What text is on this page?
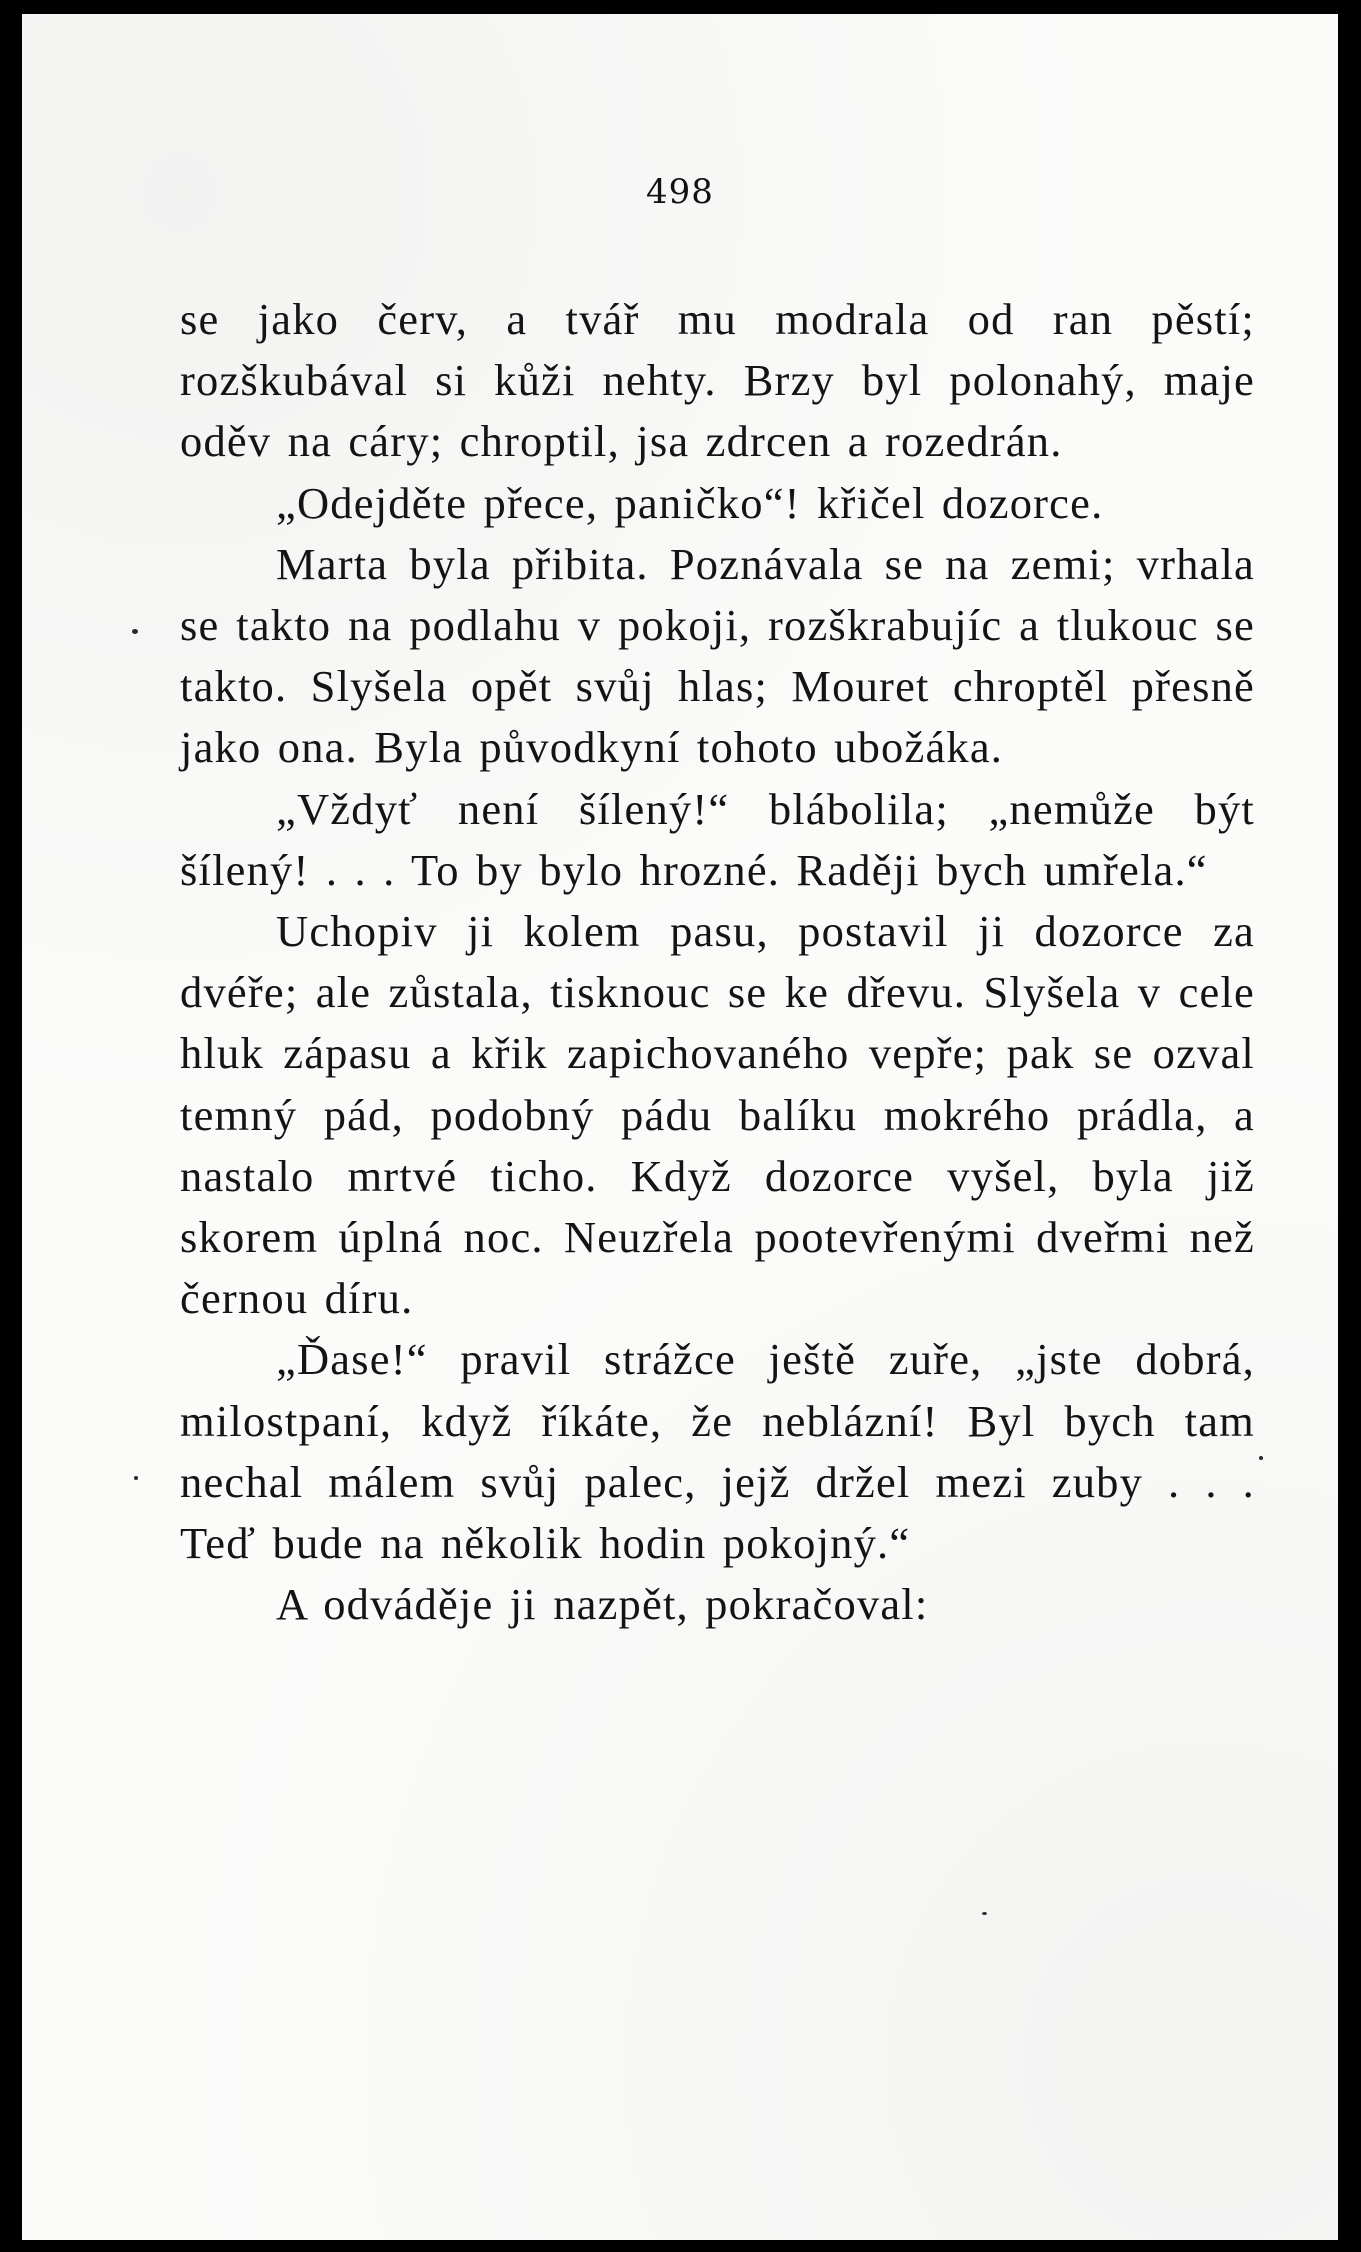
498

se jako červ, a tvář mu modrala od ran pěstí; rozškubával si kůži nehty. Brzy byl polonahý, maje oděv na cáry; chroptil, jsa zdrcen a rozedrán.

„Odejděte přece, paničko“! křičel dozorce.

Marta byla přibita. Poznávala se na zemi; vrhala se takto na podlahu v pokoji, rozškrabujíc a tlukouc se takto. Slyšela opět svůj hlas; Mouret chroptěl přesně jako ona. Byla původkyní tohoto ubožáka.

„Vždyť není šílený!“ blábolila; „nemůže být šílený! . . . To by bylo hrozné. Raději bych umřela.“

Uchopiv ji kolem pasu, postavil ji dozorce za dvéře; ale zůstala, tisknouc se ke dřevu. Slyšela v cele hluk zápasu a křik zapichovaného vepře; pak se ozval temný pád, podobný pádu balíku mokrého prádla, a nastalo mrtvé ticho. Když dozorce vyšel, byla již skorem úplná noc. Neuzřela pootevřenými dveřmi než černou díru.

„Ďase!“ pravil strážce ještě zuře, „jste dobrá, milostpaní, když říkáte, že neblázní! Byl bych tam nechal málem svůj palec, jejž držel mezi zuby . . . Teď bude na několik hodin pokojný.“

A odváděje ji nazpět, pokračoval:
